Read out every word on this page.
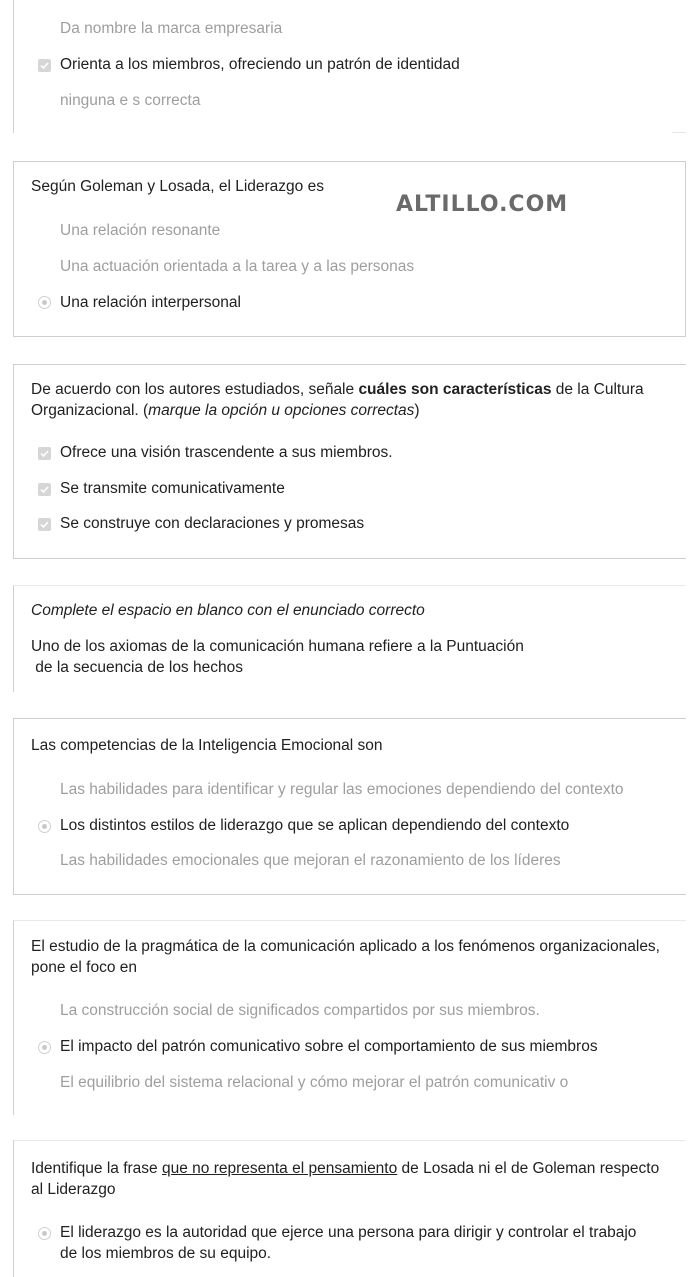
ALTILLO.COM
Da nombre la marca empresaria
Orienta a los miembros, ofreciendo un patrón de identidad
ninguna e s correcta
Según Goleman y Losada, el Liderazgo es
Una relación resonante
Una actuación orientada a la tarea y a las personas
Una relación interpersonal
De acuerdo con los autores estudiados, señale cuáles son características de la Cultura Organizacional. (marque la opción u opciones correctas)
Ofrece una visión trascendente a sus miembros.
Se transmite comunicativamente
Se construye con declaraciones y promesas
Complete el espacio en blanco con el enunciado correcto
Uno de los axiomas de la comunicación humana refiere a la Puntuación
de la secuencia de los hechos
Las competencias de la Inteligencia Emocional son
Las habilidades para identificar y regular las emociones dependiendo del contexto
Los distintos estilos de liderazgo que se aplican dependiendo del contexto
Las habilidades emocionales que mejoran el razonamiento de los líderes
El estudio de la pragmática de la comunicación aplicado a los fenómenos organizacionales, pone el foco en
La construcción social de significados compartidos por sus miembros.
El impacto del patrón comunicativo sobre el comportamiento de sus miembros
El equilibrio del sistema relacional y cómo mejorar el patrón comunicativ o
Identifique la frase que no representa el pensamiento de Losada ni el de Goleman respecto al Liderazgo
El liderazgo es la autoridad que ejerce una persona para dirigir y controlar el trabajo de los miembros de su equipo.
